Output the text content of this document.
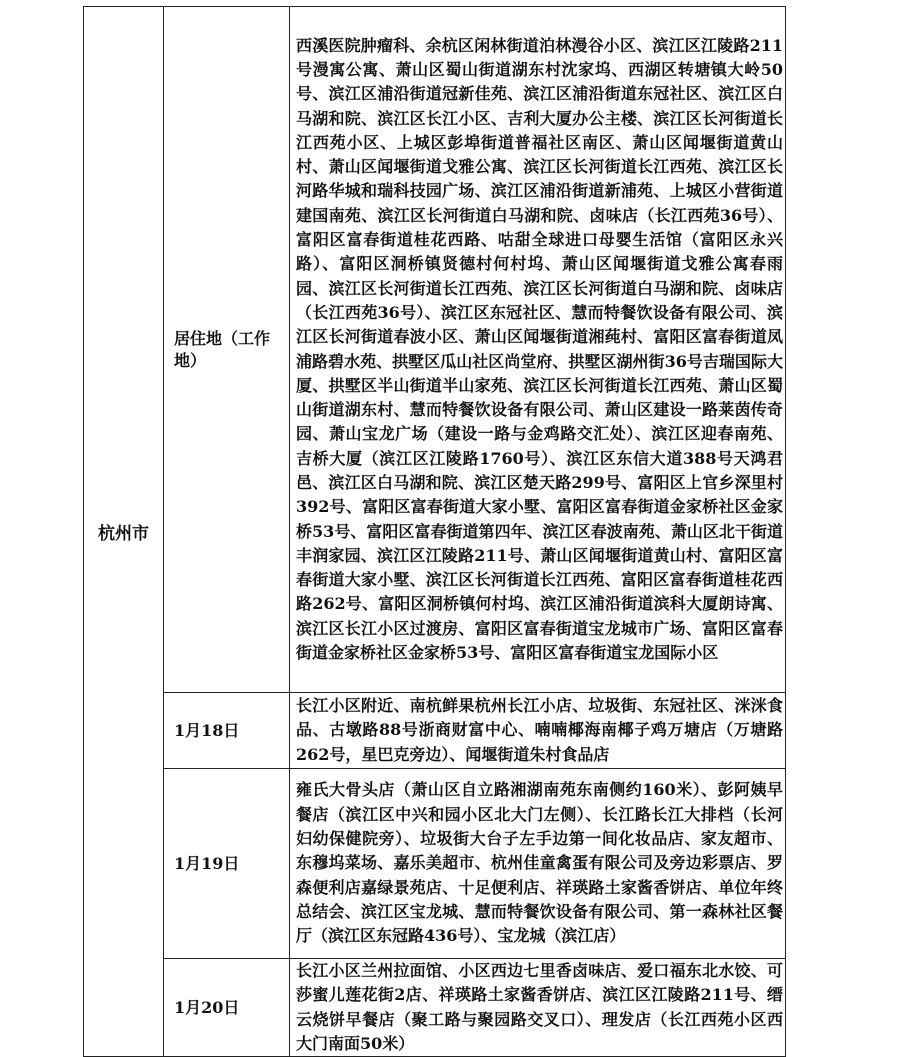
杭州市	居住地（工作地）	西溪医院肿瘤科、余杭区闲林街道泊林漫谷小区、滨江区江陵路211号漫寓公寓、萧山区蜀山街道湖东村沈家坞、西湖区转塘镇大岭50号、滨江区浦沿街道冠新佳苑、滨江区浦沿街道东冠社区、滨江区白马湖和院、滨江区长江小区、吉利大厦办公主楼、滨江区长河街道长江西苑小区、上城区彭埠街道普福社区南区、萧山区闻堰街道黄山村、萧山区闻堰街道戈雅公寓、滨江区长河街道长江西苑、滨江区长河路华城和瑞科技园广场、滨江区浦沿街道新浦苑、上城区小营街道建国南苑、滨江区长河街道白马湖和院、卤味店（长江西苑36号）、富阳区富春街道桂花西路、咕甜全球进口母婴生活馆（富阳区永兴路）、富阳区洞桥镇贤德村何村坞、萧山区闻堰街道戈雅公寓春雨园、滨江区长河街道长江西苑、滨江区长河街道白马湖和院、卤味店（长江西苑36号）、滨江区东冠社区、慧而特餐饮设备有限公司、滨江区长河街道春波小区、萧山区闻堰街道湘莼村、富阳区富春街道凤浦路碧水苑、拱墅区瓜山社区尚堂府、拱墅区湖州街36号吉瑞国际大厦、拱墅区半山街道半山家苑、滨江区长河街道长江西苑、萧山区蜀山街道湖东村、慧而特餐饮设备有限公司、萧山区建设一路莱茵传奇园、萧山宝龙广场（建设一路与金鸡路交汇处）、滨江区迎春南苑、吉桥大厦（滨江区江陵路1760号）、滨江区东信大道388号天鸿君邑、滨江区白马湖和院、滨江区楚天路299号、富阳区上官乡深里村392号、富阳区富春街道大家小墅、富阳区富春街道金家桥社区金家桥53号、富阳区富春街道第四年、滨江区春波南苑、萧山区北干街道丰润家园、滨江区江陵路211号、萧山区闻堰街道黄山村、富阳区富春街道大家小墅、滨江区长河街道长江西苑、富阳区富春街道桂花西路262号、富阳区洞桥镇何村坞、滨江区浦沿街道滨科大厦朗诗寓、滨江区长江小区过渡房、富阳区富春街道宝龙城市广场、富阳区富春街道金家桥社区金家桥53号、富阳区富春街道宝龙国际小区

	1月18日	长江小区附近、南杭鲜果杭州长江小店、垃圾街、东冠社区、洣洣食品、古墩路88号浙商财富中心、喃喃椰海南椰子鸡万塘店（万塘路262号，星巴克旁边）、闻堰街道朱村食品店

	1月19日	雍氏大骨头店（萧山区自立路湘湖南苑东南侧约160米）、彭阿姨早餐店（滨江区中兴和园小区北大门左侧）、长江路长江大排档（长河妇幼保健院旁）、垃圾街大台子左手边第一间化妆品店、家友超市、东穆坞菜场、嘉乐美超市、杭州佳童禽蛋有限公司及旁边彩票店、罗森便利店嘉绿景苑店、十足便利店、祥瑛路土家酱香饼店、单位年终总结会、滨江区宝龙城、慧而特餐饮设备有限公司、第一森林社区餐厅（滨江区东冠路436号）、宝龙城（滨江店）

	1月20日	长江小区兰州拉面馆、小区西边七里香卤味店、爱口福东北水饺、可莎蜜儿莲花街2店、祥瑛路土家酱香饼店、滨江区江陵路211号、缙云烧饼早餐店（聚工路与聚园路交叉口）、理发店（长江西苑小区西大门南面50米）
